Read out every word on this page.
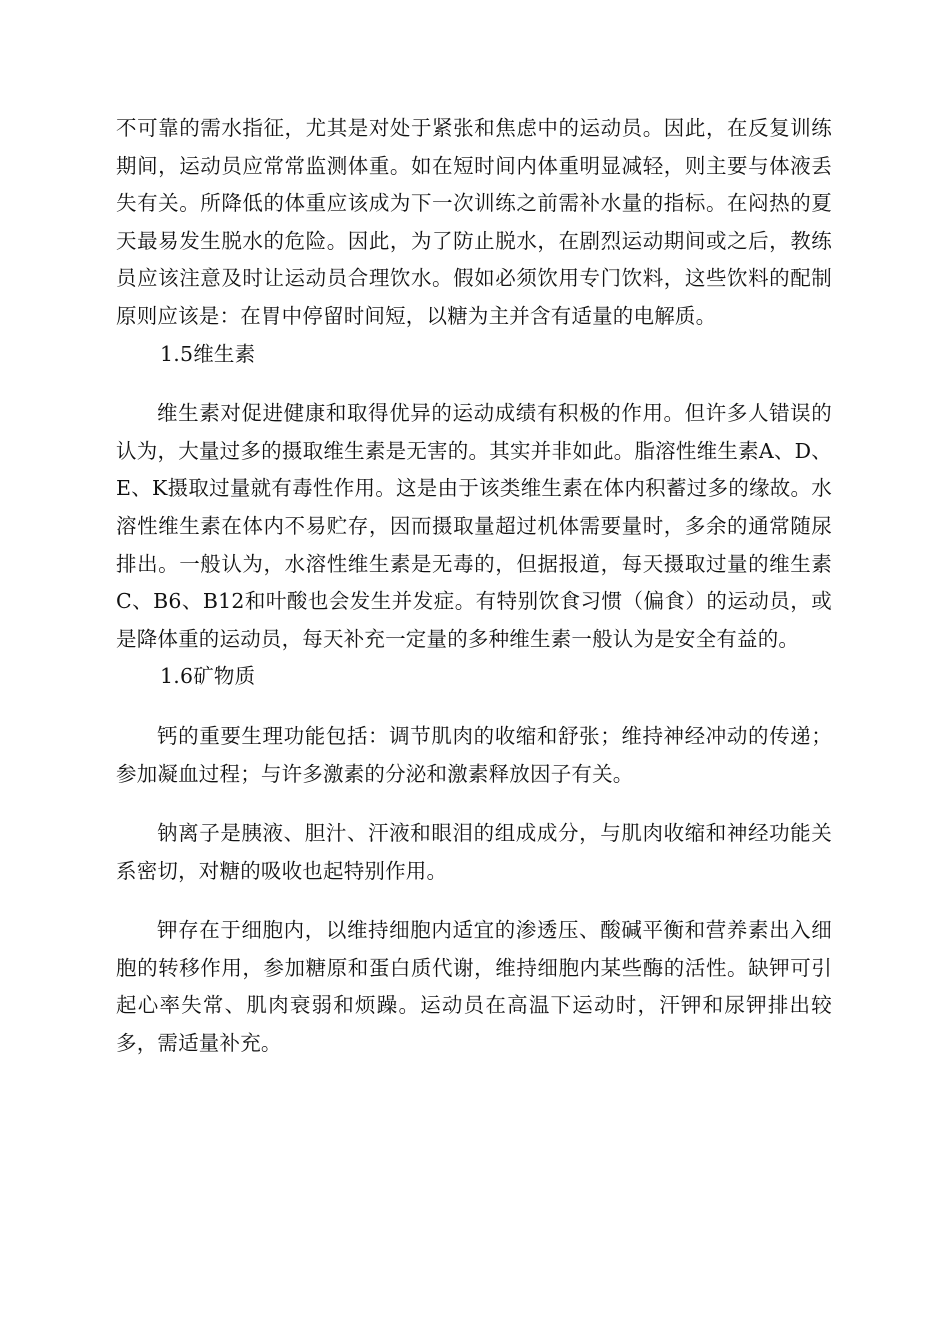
不可靠的需水指征，尤其是对处于紧张和焦虑中的运动员。因此，在反复训练期间，运动员应常常监测体重。如在短时间内体重明显减轻，则主要与体液丢失有关。所降低的体重应该成为下一次训练之前需补水量的指标。在闷热的夏天最易发生脱水的危险。因此，为了防止脱水，在剧烈运动期间或之后，教练员应该注意及时让运动员合理饮水。假如必须饮用专门饮料，这些饮料的配制原则应该是：在胃中停留时间短，以糖为主并含有适量的电解质。

1.5维生素

维生素对促进健康和取得优异的运动成绩有积极的作用。但许多人错误的认为，大量过多的摄取维生素是无害的。其实并非如此。脂溶性维生素A、D、E、K摄取过量就有毒性作用。这是由于该类维生素在体内积蓄过多的缘故。水溶性维生素在体内不易贮存，因而摄取量超过机体需要量时，多余的通常随尿排出。一般认为，水溶性维生素是无毒的，但据报道，每天摄取过量的维生素C、B6、B12和叶酸也会发生并发症。有特别饮食习惯（偏食）的运动员，或是降体重的运动员，每天补充一定量的多种维生素一般认为是安全有益的。

1.6矿物质

钙的重要生理功能包括：调节肌肉的收缩和舒张；维持神经冲动的传递；参加凝血过程；与许多激素的分泌和激素释放因子有关。

钠离子是胰液、胆汁、汗液和眼泪的组成成分，与肌肉收缩和神经功能关系密切，对糖的吸收也起特别作用。

钾存在于细胞内，以维持细胞内适宜的渗透压、酸碱平衡和营养素出入细胞的转移作用，参加糖原和蛋白质代谢，维持细胞内某些酶的活性。缺钾可引起心率失常、肌肉衰弱和烦躁。运动员在高温下运动时，汗钾和尿钾排出较多，需适量补充。
